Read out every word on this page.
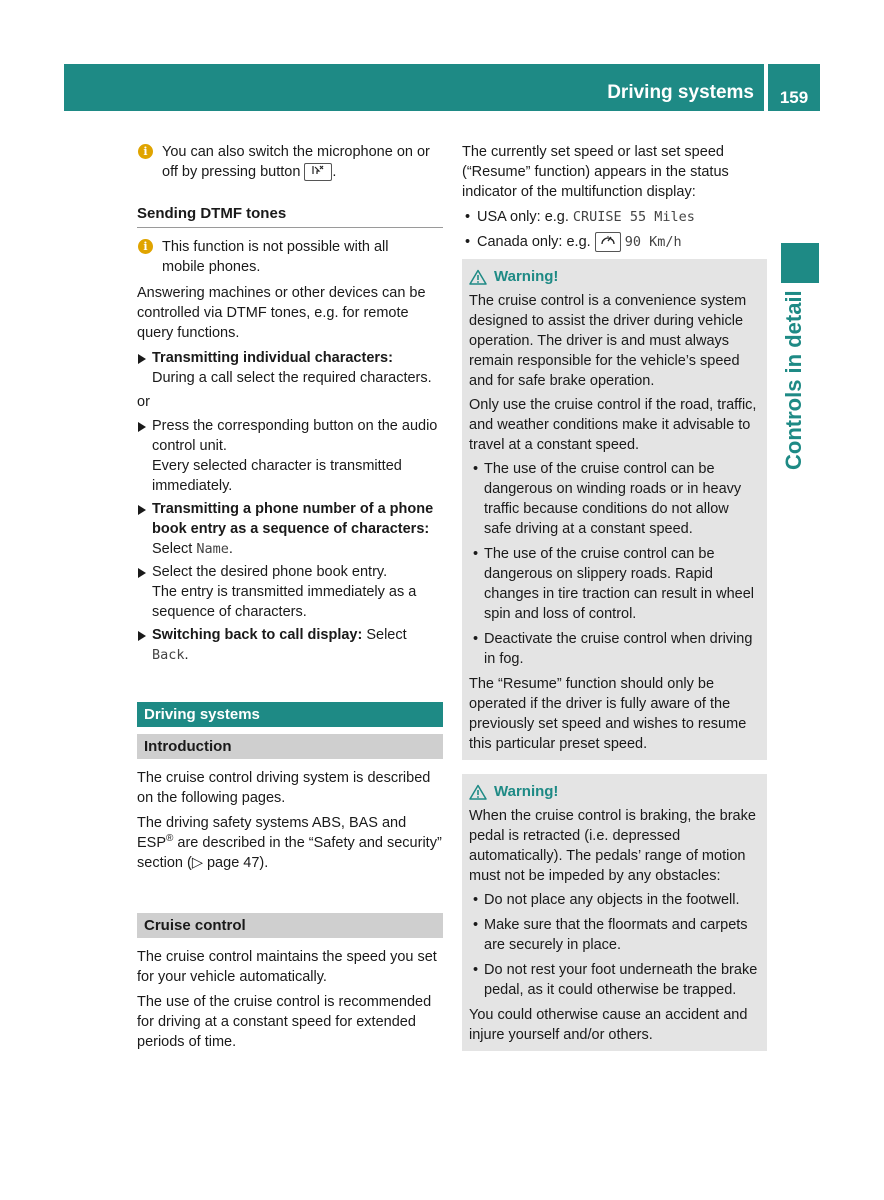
Driving systems	159
Controls in detail
i You can also switch the microphone on or
off by pressing button .
Sending DTMF tones
i This function is not possible with all
mobile phones.

Answering machines or other devices can be controlled via DTMF tones, e.g. for remote query functions.

Transmitting individual characters:
During a call select the required characters.
or
Press the corresponding button on the audio control unit.
Every selected character is transmitted immediately.
Transmitting a phone number of a phone book entry as a sequence of characters: Select Name.
Select the desired phone book entry.
The entry is transmitted immediately as a sequence of characters.
Switching back to call display: Select
Back.
Driving systems
Introduction

The cruise control driving system is described on the following pages.

The driving safety systems ABS, BAS and ESP® are described in the “Safety and security” section (▷ page 47).

Cruise control

The cruise control maintains the speed you set for your vehicle automatically.

The use of the cruise control is recommended for driving at a constant speed for extended periods of time.

The currently set speed or last set speed (“Resume” function) appears in the status indicator of the multifunction display:

• USA only: e.g. CRUISE 55 Miles
• Canada only: e.g.  90 Km/h
Warning!

The cruise control is a convenience system designed to assist the driver during vehicle operation. The driver is and must always remain responsible for the vehicle’s speed and for safe brake operation.

Only use the cruise control if the road, traffic, and weather conditions make it advisable to travel at a constant speed.

• The use of the cruise control can be dangerous on winding roads or in heavy traffic because conditions do not allow safe driving at a constant speed.
• The use of the cruise control can be dangerous on slippery roads. Rapid changes in tire traction can result in wheel spin and loss of control.
• Deactivate the cruise control when driving in fog.

The “Resume” function should only be operated if the driver is fully aware of the previously set speed and wishes to resume this particular preset speed.

Warning!

When the cruise control is braking, the brake pedal is retracted (i.e. depressed automatically). The pedals’ range of motion must not be impeded by any obstacles:

• Do not place any objects in the footwell.
• Make sure that the floormats and carpets are securely in place.
• Do not rest your foot underneath the brake pedal, as it could otherwise be trapped.

You could otherwise cause an accident and injure yourself and/or others.
